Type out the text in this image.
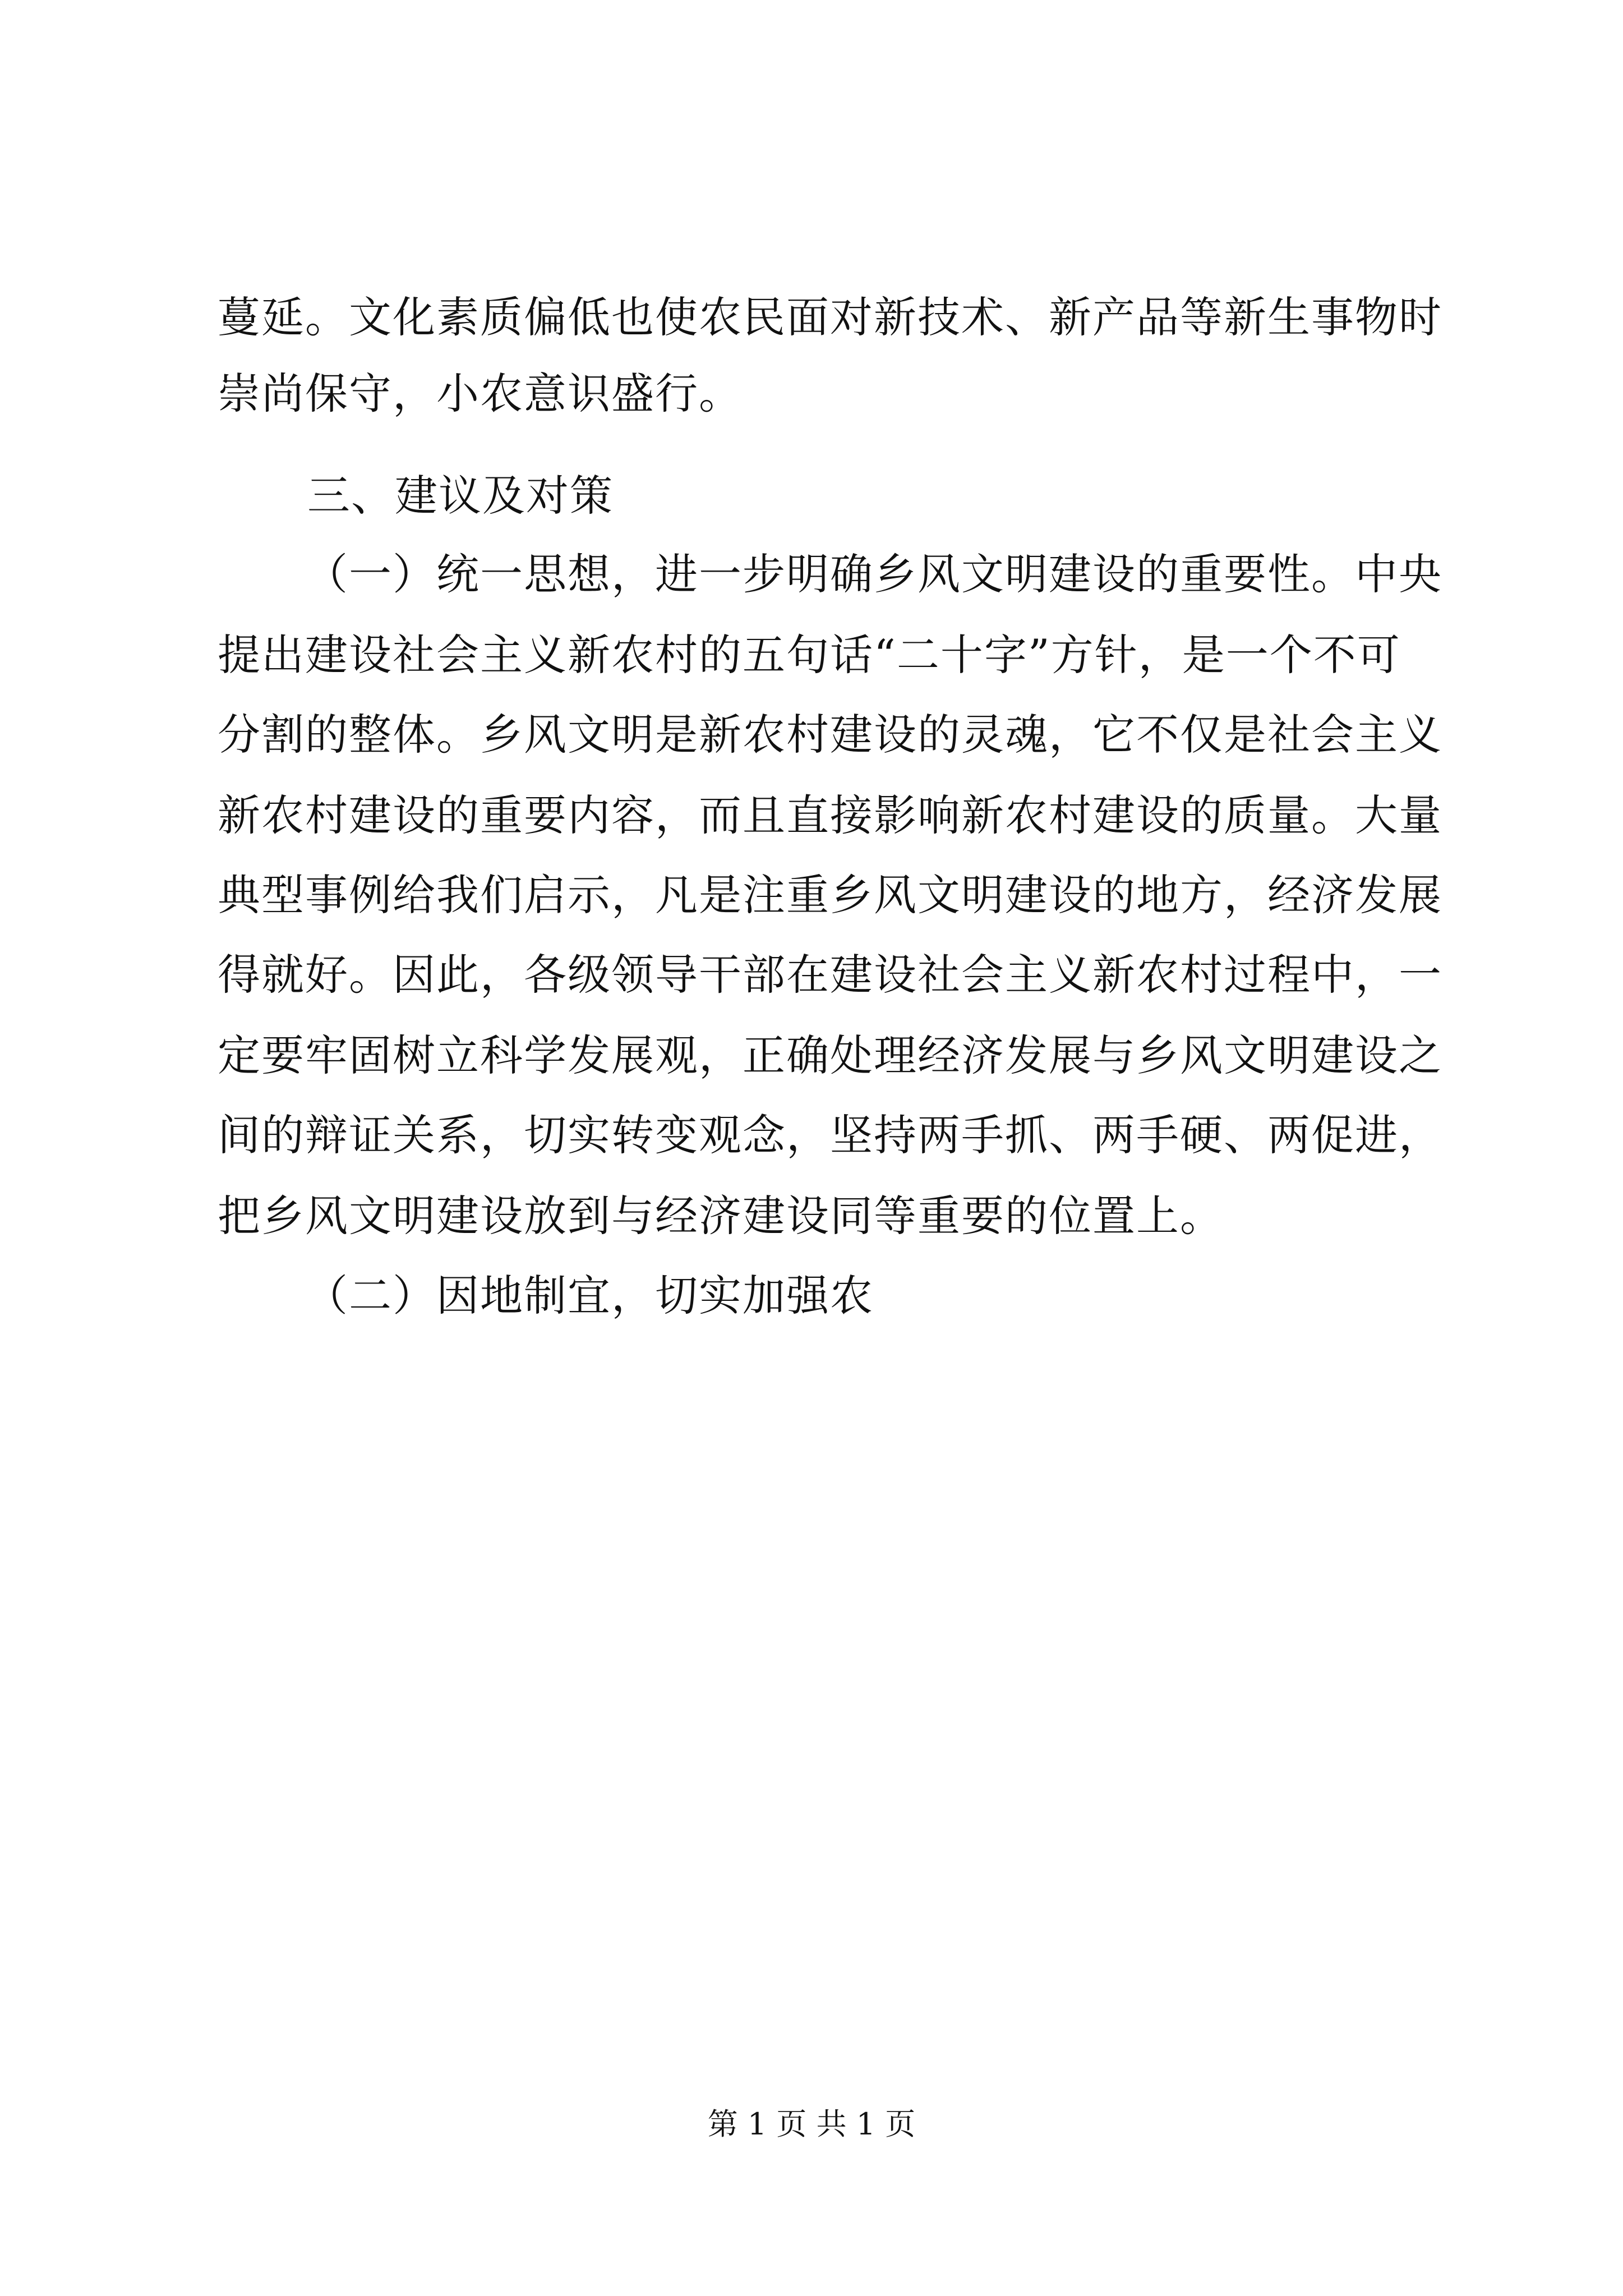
蔓延。文化素质偏低也使农民面对新技术、新产品等新生事物时
崇尚保守，小农意识盛行。
三、建议及对策
（一）统一思想，进一步明确乡风文明建设的重要性。中央
提出建设社会主义新农村的五句话“二十字”方针，是一个不可
分割的整体。乡风文明是新农村建设的灵魂，它不仅是社会主义
新农村建设的重要内容，而且直接影响新农村建设的质量。大量
典型事例给我们启示，凡是注重乡风文明建设的地方，经济发展
得就好。因此，各级领导干部在建设社会主义新农村过程中，一
定要牢固树立科学发展观，正确处理经济发展与乡风文明建设之
间的辩证关系，切实转变观念，坚持两手抓、两手硬、两促进，
把乡风文明建设放到与经济建设同等重要的位置上。
（二）因地制宜，切实加强农
第 1 页 共 1 页
